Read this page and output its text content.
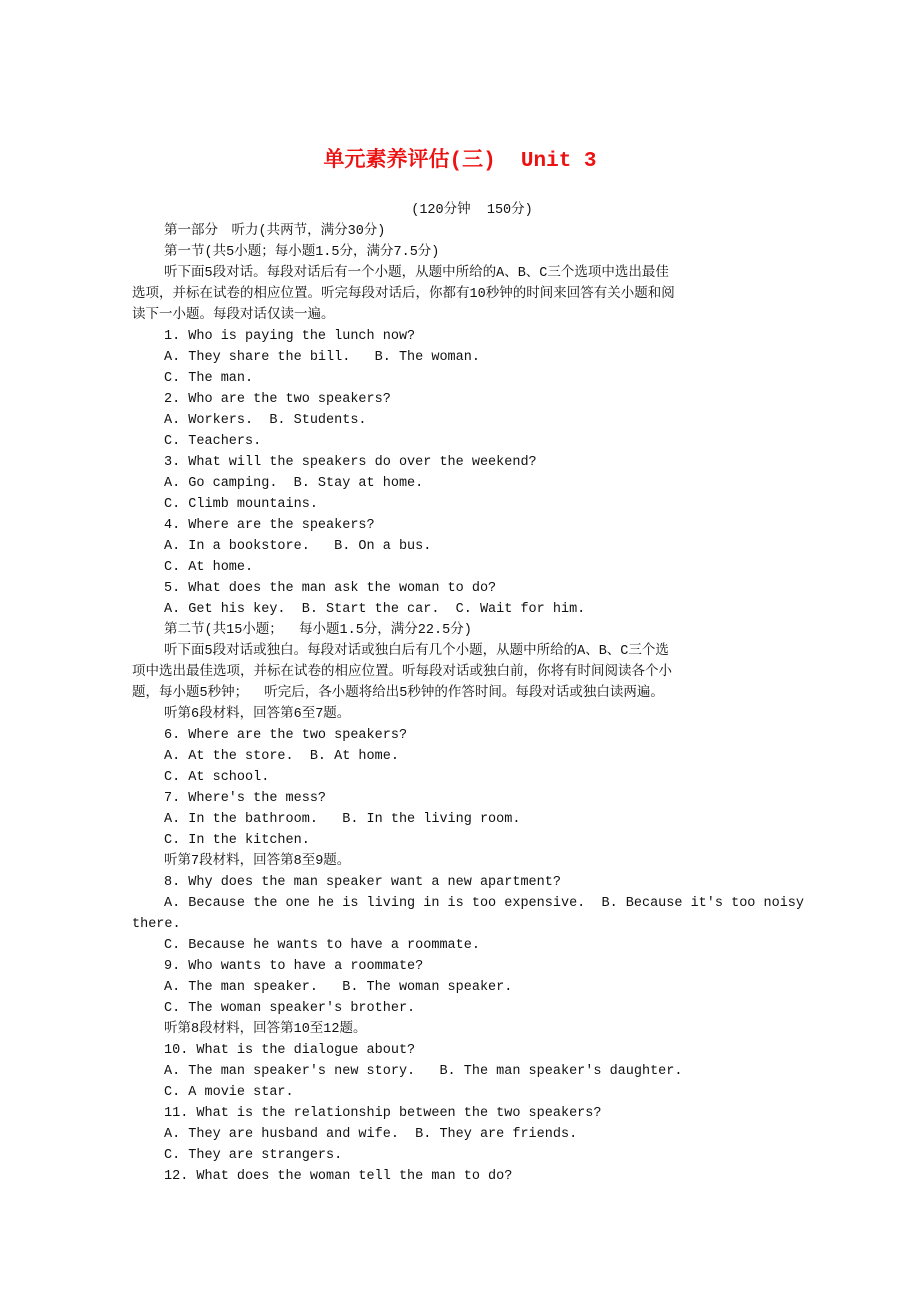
单元素养评估(三)  Unit 3
(120分钟  150分)
第一部分　听力(共两节，满分30分)
第一节(共5小题；每小题1.5分，满分7.5分)
听下面5段对话。每段对话后有一个小题，从题中所给的A、B、C三个选项中选出最佳
选项，并标在试卷的相应位置。听完每段对话后，你都有10秒钟的时间来回答有关小题和阅
读下一小题。每段对话仅读一遍。
1. Who is paying the lunch now?
A. They share the bill.   B. The woman.
C. The man.
2. Who are the two speakers?
A. Workers.  B. Students.
C. Teachers.
3. What will the speakers do over the weekend?
A. Go camping.  B. Stay at home.
C. Climb mountains.
4. Where are the speakers?
A. In a bookstore.   B. On a bus.
C. At home.
5. What does the man ask the woman to do?
A. Get his key.  B. Start the car.  C. Wait for him.
第二节(共15小题；  每小题1.5分，满分22.5分)
听下面5段对话或独白。每段对话或独白后有几个小题，从题中所给的A、B、C三个选
项中选出最佳选项，并标在试卷的相应位置。听每段对话或独白前，你将有时间阅读各个小
题，每小题5秒钟；  听完后，各小题将给出5秒钟的作答时间。每段对话或独白读两遍。
听第6段材料，回答第6至7题。
6. Where are the two speakers?
A. At the store.  B. At home.
C. At school.
7. Where's the mess?
A. In the bathroom.   B. In the living room.
C. In the kitchen.
听第7段材料，回答第8至9题。
8. Why does the man speaker want a new apartment?
A. Because the one he is living in is too expensive.  B. Because it's too noisy
there.
C. Because he wants to have a roommate.
9. Who wants to have a roommate?
A. The man speaker.   B. The woman speaker.
C. The woman speaker's brother.
听第8段材料，回答第10至12题。
10. What is the dialogue about?
A. The man speaker's new story.   B. The man speaker's daughter.
C. A movie star.
11. What is the relationship between the two speakers?
A. They are husband and wife.  B. They are friends.
C. They are strangers.
12. What does the woman tell the man to do?
